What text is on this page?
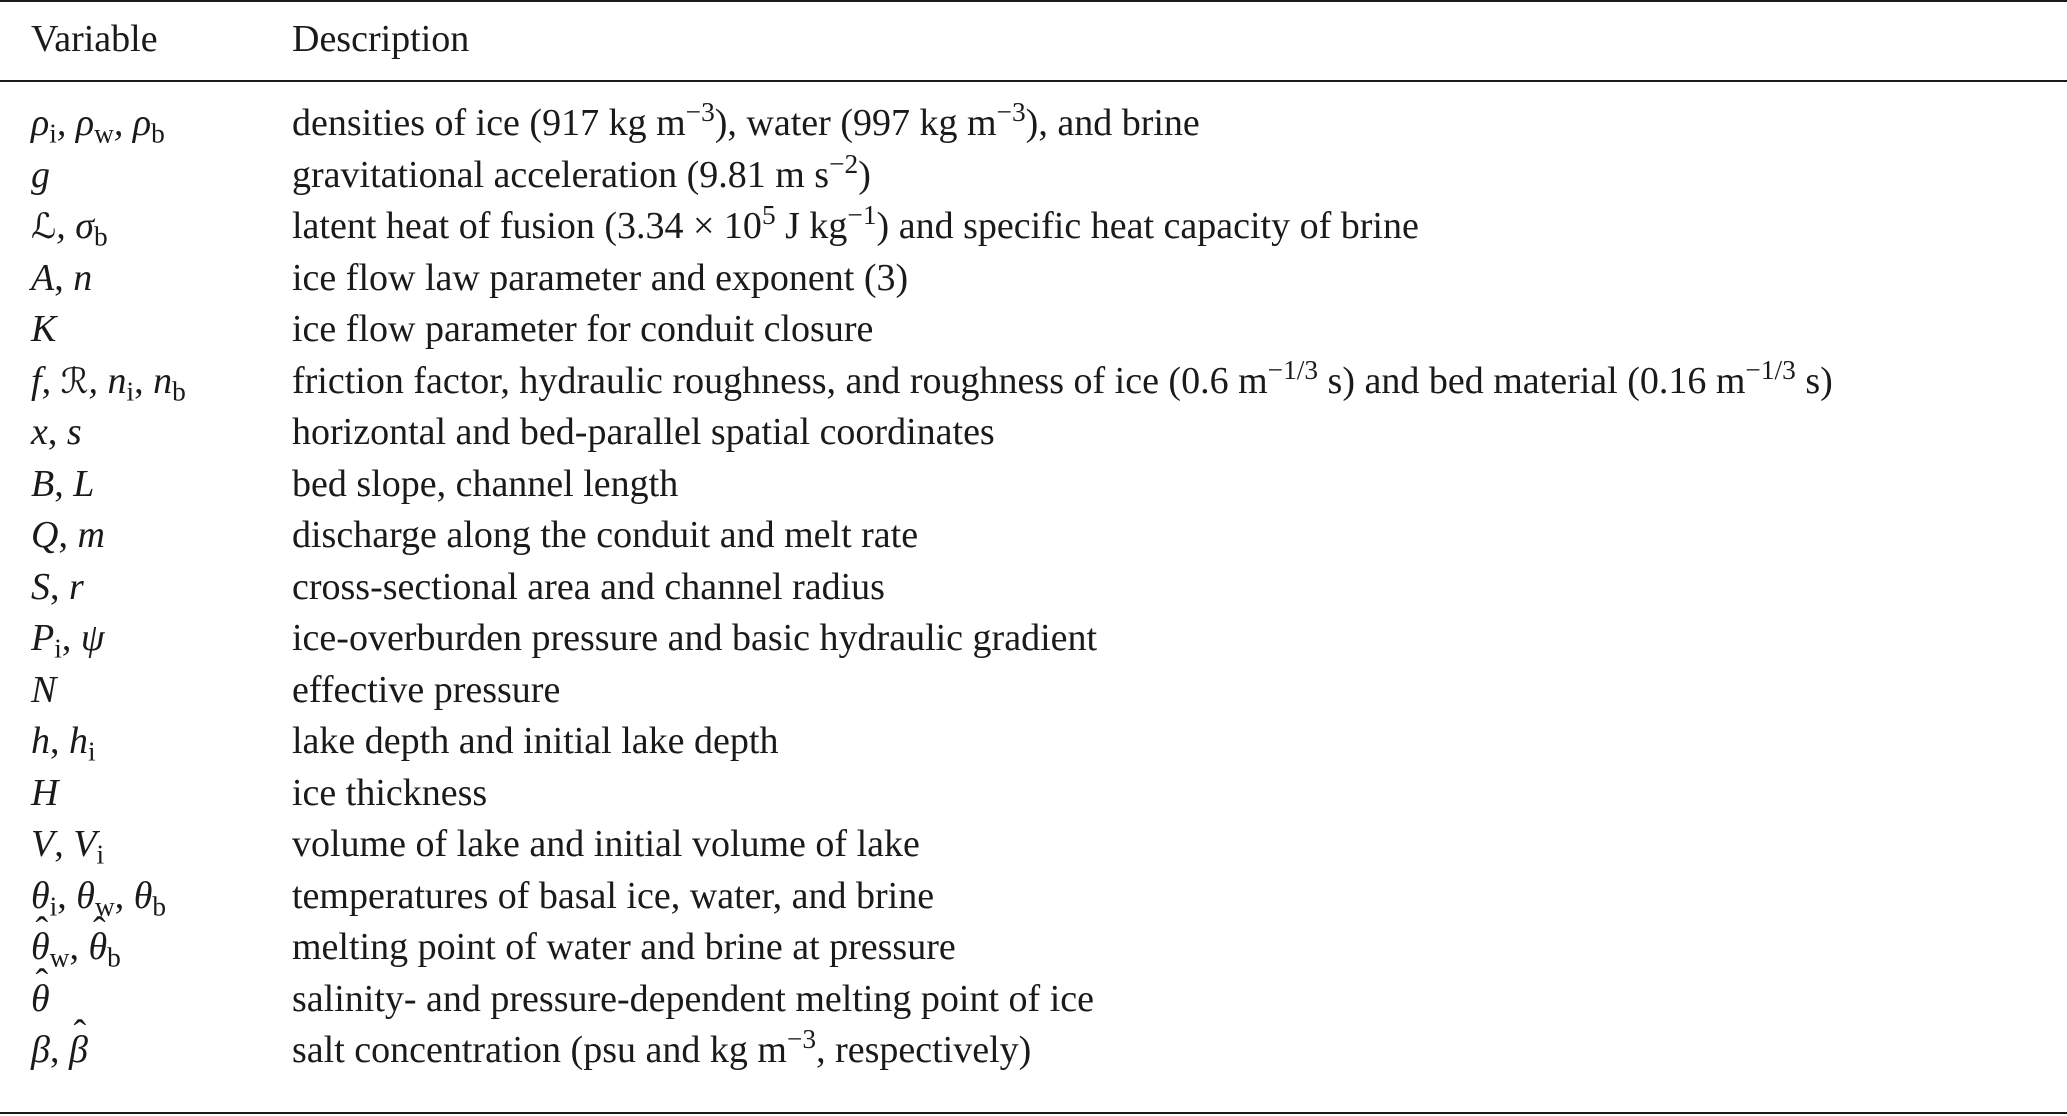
Variable	Description
$\rho_i$, $\rho_w$, $\rho_b$	densities of ice (917 kg $m^{-3}$), water (997 kg $m^{-3}$), and brine
g	gravitational acceleration (9.81 m $s^{-2}$)
ℒ, $\sigma_b$	latent heat of fusion ($3.34 \times 10^5$ J $kg^{-1}$) and specific heat capacity of brine
A, n	ice flow law parameter and exponent (3)
K	ice flow parameter for conduit closure
f, ℛ, $n_i$, $n_b$	friction factor, hydraulic roughness, and roughness of ice (0.6 $m^{-1/3}$ s) and bed material (0.16 $m^{-1/3}$ s)
x, s	horizontal and bed-parallel spatial coordinates
B, L	bed slope, channel length
Q, m	discharge along the conduit and melt rate
S, r	cross-sectional area and channel radius
$P_i$, ψ	ice-overburden pressure and basic hydraulic gradient
N	effective pressure
h, $h_i$	lake depth and initial lake depth
H	ice thickness
V, $V_i$	volume of lake and initial volume of lake
$\theta_i$, $\theta_w$, $\theta_b$	temperatures of basal ice, water, and brine
ˆ $\theta_w$, ˆ $\theta_b$	melting point of water and brine at pressure
ˆ θ	salinity- and pressure-dependent melting point of ice
β, ˆ β	salt concentration (psu and kg $m^{-3}$, respectively)
